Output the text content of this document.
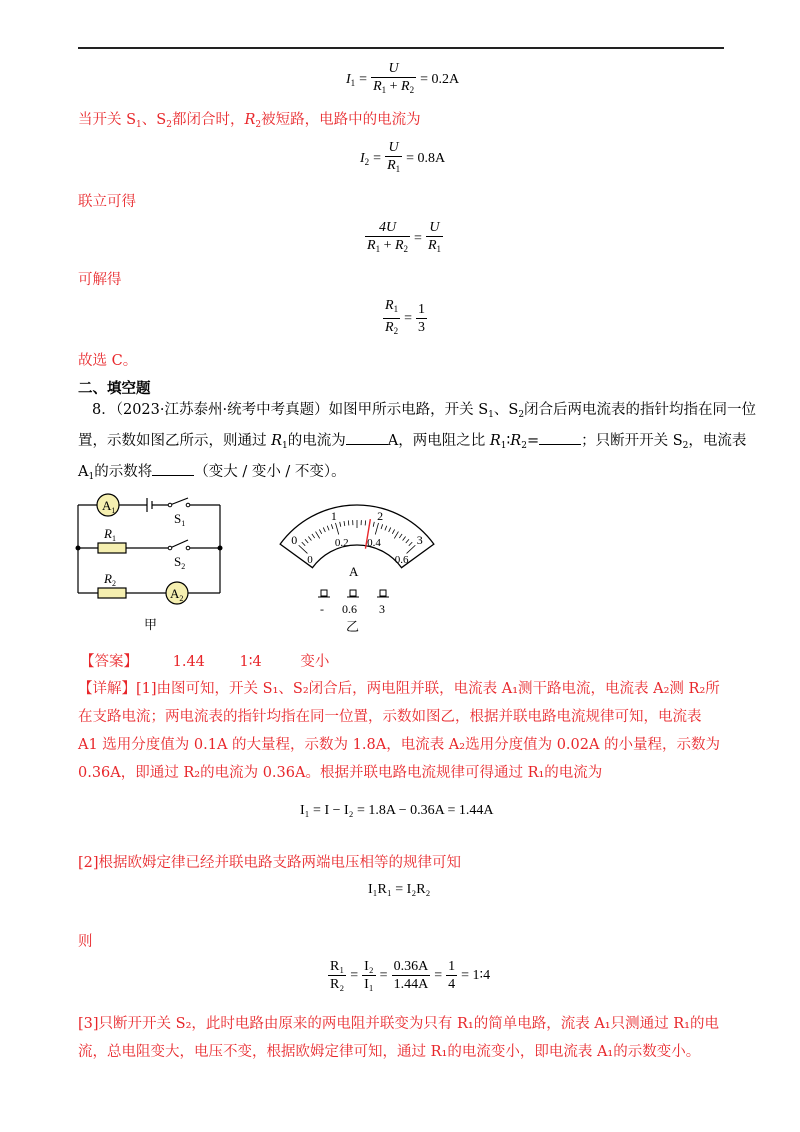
$I_1 = \frac{U}{R_1 + R_2} = 0.2A$
当开关 $S_1$、$S_2$都闭合时，$R_2$被短路，电路中的电流为
$I_2 = \frac{U}{R_1} = 0.8A$
联立可得
$\frac{4U}{R_1 + R_2} = \frac{U}{R_1}$
可解得
$\frac{R_1}{R_2} = \frac{1}{3}$
故选 C。
二、填空题
8．（2023·江苏泰州·统考中考真题）如图甲所示电路，开关 $S_1$、$S_2$闭合后两电流表的指针均指在同一位
置，示数如图乙所示，则通过 $R_1$的电流为	A，两电阻之比 $R_1∶R_2=$	；只断开开关 $S_2$，电流表
$A_1$的示数将	（变大 / 变小 / 不变）。
$A_1$
$S_1$
$R_1$
$S_2$
$R_2$
$A_2$
甲
0
1	2
3
0
0.2 0.4
0.6
A
- 0.6 3
乙
【答案】 1.44 1∶4	变小
【详解】[1]由图可知，开关 S₁、S₂闭合后，两电阻并联，电流表 A₁测干路电流，电流表 A₂测 R₂所在支路电流；两电流表的指针均指在同一位置，示数如图乙，根据并联电路电流规律可知，电流表 A1 选用分度值为 0.1A 的大量程，示数为 1.8A，电流表 A₂选用分度值为 0.02A 的小量程，示数为 0.36A，即通过 R₂的电流为 0.36A。根据并联电路电流规律可得通过 R₁的电流为
I₁ = I − I₂ = 1.8A − 0.36A = 1.44A
[2]根据欧姆定律已经并联电路支路两端电压相等的规律可知
I₁R₁ = I₂R₂
则
$\frac{\text{R₁}}{\text{R₂}} = \frac{\text{I₂}}{\text{I₁}} = \frac{0.36A}{1.44A} = \frac{1}{4}$ = 1∶4
[3]只断开开关 S₂，此时电路由原来的两电阻并联变为只有 R₁的简单电路，流表 A₁只测通过 R₁的电流，总电阻变大，电压不变，根据欧姆定律可知，通过 R₁的电流变小，即电流表 A₁的示数变小。
